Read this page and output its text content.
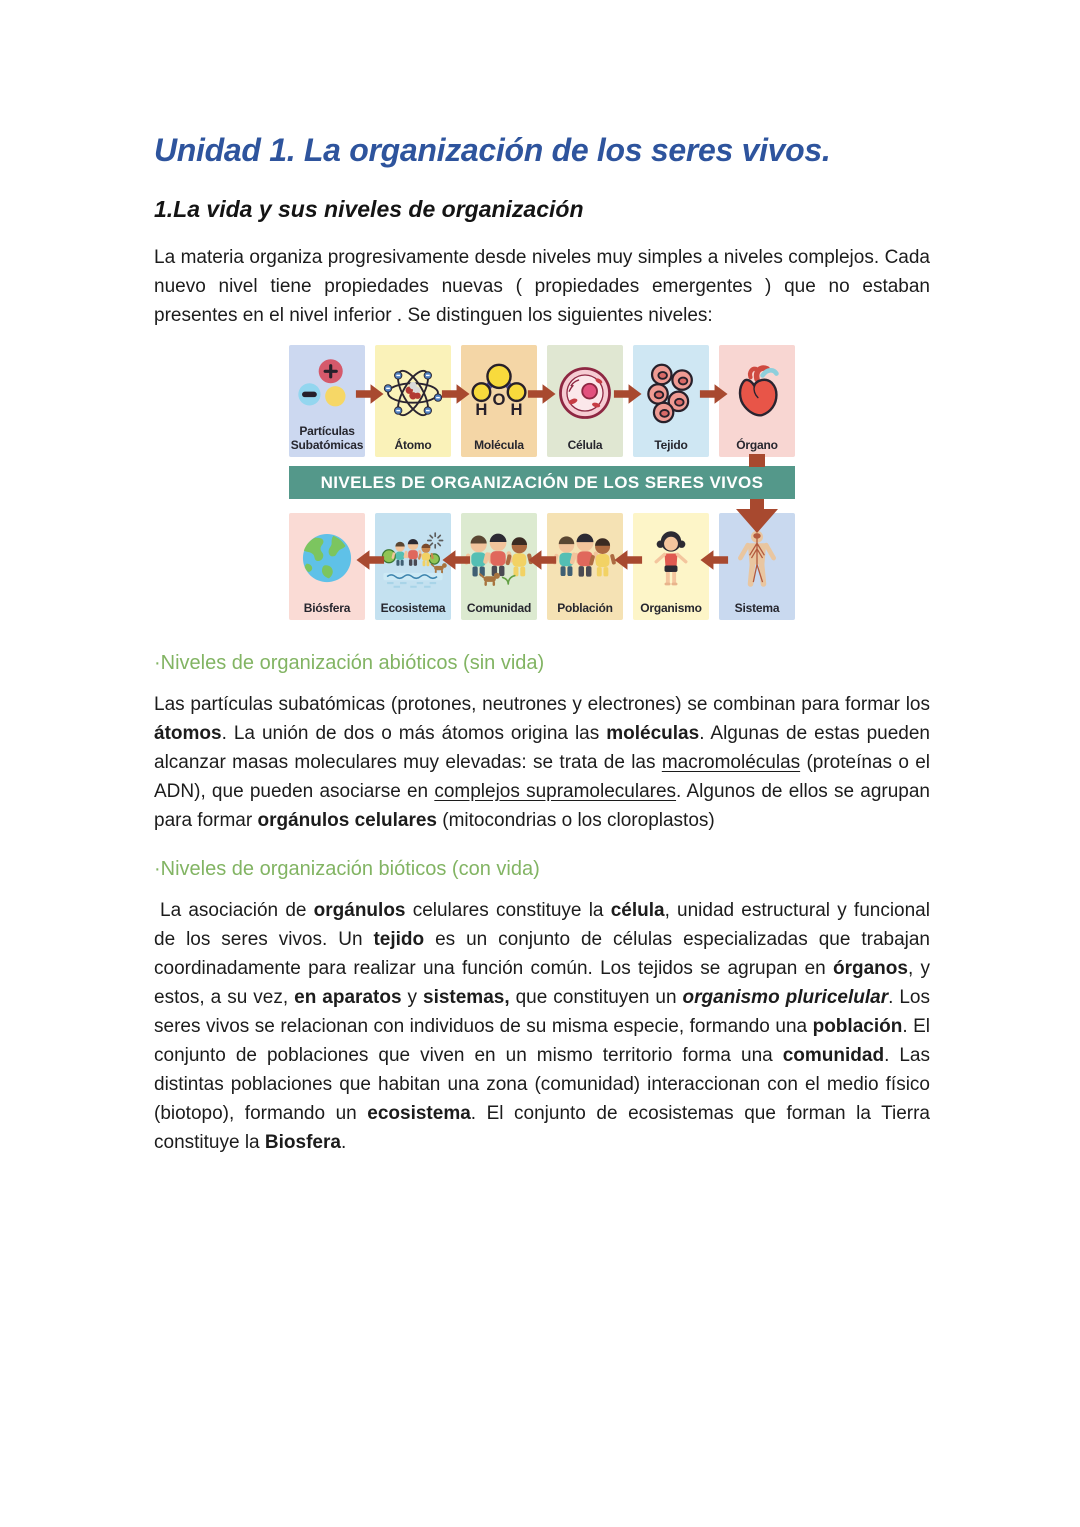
Unidad 1. La organización de los seres vivos.
1.La vida y sus niveles de organización

La materia organiza progresivamente desde niveles muy simples a niveles complejos. Cada nuevo nivel tiene propiedades nuevas ( propiedades emergentes ) que no estaban presentes en el nivel inferior . Se distinguen los siguientes niveles:

Partículas Subatómicas	Átomo
H
O
H
Molécula	Célula	Tejido	Órgano
NIVELES DE ORGANIZACIÓN DE LOS SERES VIVOS
Biósfera	Ecosistema Comunidad Población Organismo	Sistema
·Niveles de organización abióticos (sin vida)

Las partículas subatómicas (protones, neutrones y electrones) se combinan para formar los átomos. La unión de dos o más átomos origina las moléculas. Algunas de estas pueden alcanzar masas moleculares muy elevadas: se trata de las macromoléculas (proteínas o el ADN), que pueden asociarse en complejos supramoleculares. Algunos de ellos se agrupan para formar orgánulos celulares (mitocondrias o los cloroplastos)

·Niveles de organización bióticos (con vida)

La asociación de orgánulos celulares constituye la célula, unidad estructural y funcional de los seres vivos. Un tejido es un conjunto de células especializadas que trabajan coordinadamente para realizar una función común. Los tejidos se agrupan en órganos, y estos, a su vez, en aparatos y sistemas, que constituyen un organismo pluricelular. Los seres vivos se relacionan con individuos de su misma especie, formando una población. El conjunto de poblaciones que viven en un mismo territorio forma una comunidad. Las distintas poblaciones que habitan una zona (comunidad) interaccionan con el medio físico (biotopo), formando un ecosistema. El conjunto de ecosistemas que forman la Tierra constituye la Biosfera.
